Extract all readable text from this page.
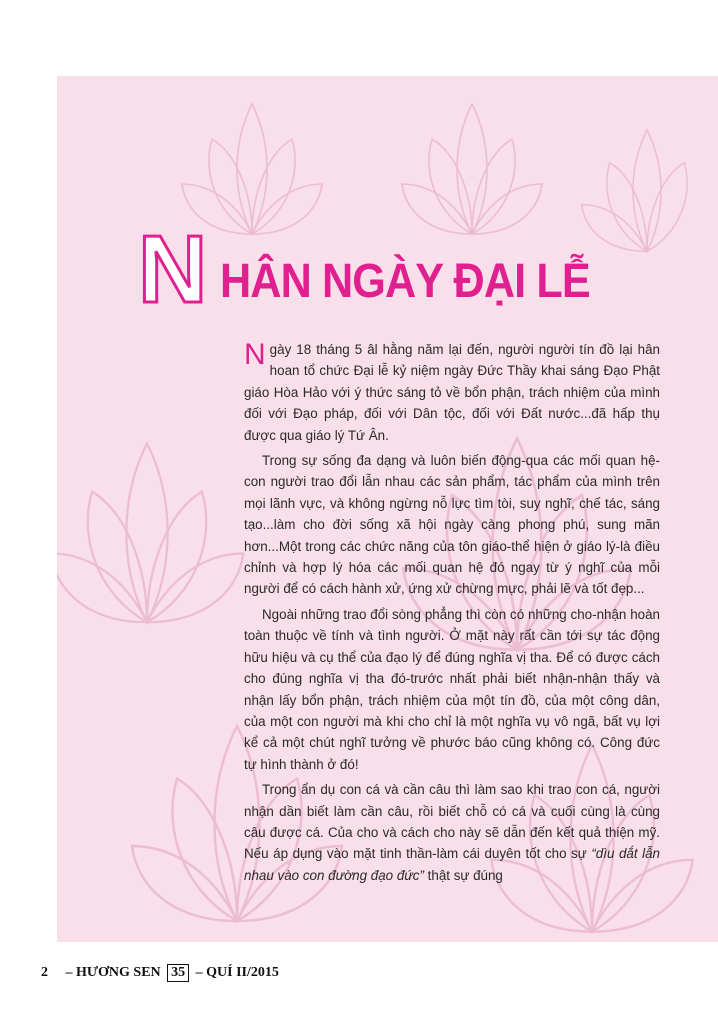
N HÂN NGÀY ĐẠI LỄ

Ngày 18 tháng 5 âl hằng năm lại đến, người người tín đồ lại hân hoan tổ chức Đại lễ kỷ niệm ngày Đức Thầy khai sáng Đạo Phật giáo Hòa Hảo với ý thức sáng tỏ về bổn phận, trách nhiệm của mình đối với Đạo pháp, đối với Dân tộc, đối với Đất nước...đã hấp thụ được qua giáo lý Tứ Ân.

Trong sự sống đa dạng và luôn biến động-qua các mối quan hệ-con người trao đổi lẫn nhau các sản phẩm, tác phẩm của mình trên mọi lãnh vực, và không ngừng nỗ lực tìm tòi, suy nghĩ, chế tác, sáng tạo...làm cho đời sống xã hội ngày càng phong phú, sung mãn hơn...Một trong các chức năng của tôn giáo-thể hiện ở giáo lý-là điều chỉnh và hợp lý hóa các mối quan hệ đó ngay từ ý nghĩ của mỗi người để có cách hành xử, ứng xử chừng mực, phải lẽ và tốt đẹp...

Ngoài những trao đổi sòng phẳng thì còn có những cho-nhận hoàn toàn thuộc về tính và tình người. Ở mặt này rất cần tới sự tác động hữu hiệu và cụ thể của đạo lý để đúng nghĩa vị tha. Để có được cách cho đúng nghĩa vị tha đó-trước nhất phải biết nhận-nhận thấy và nhận lấy bổn phận, trách nhiệm của một tín đồ, của một công dân, của một con người mà khi cho chỉ là một nghĩa vụ vô ngã, bất vụ lợi kể cả một chút nghĩ tưởng về phước báo cũng không có. Công đức tự hình thành ở đó!

Trong ẩn dụ con cá và cần câu thì làm sao khi trao con cá, người nhận dần biết làm cần câu, rồi biết chỗ có cá và cuối cùng là cùng câu được cá. Của cho và cách cho này sẽ dẫn đến kết quả thiện mỹ. Nếu áp dụng vào mặt tinh thần-làm cái duyên tốt cho sự “dìu dắt lẫn nhau vào con đường đạo đức” thật sự đúng

2 – HƯƠNG SEN 35 – QUÍ II/2015
